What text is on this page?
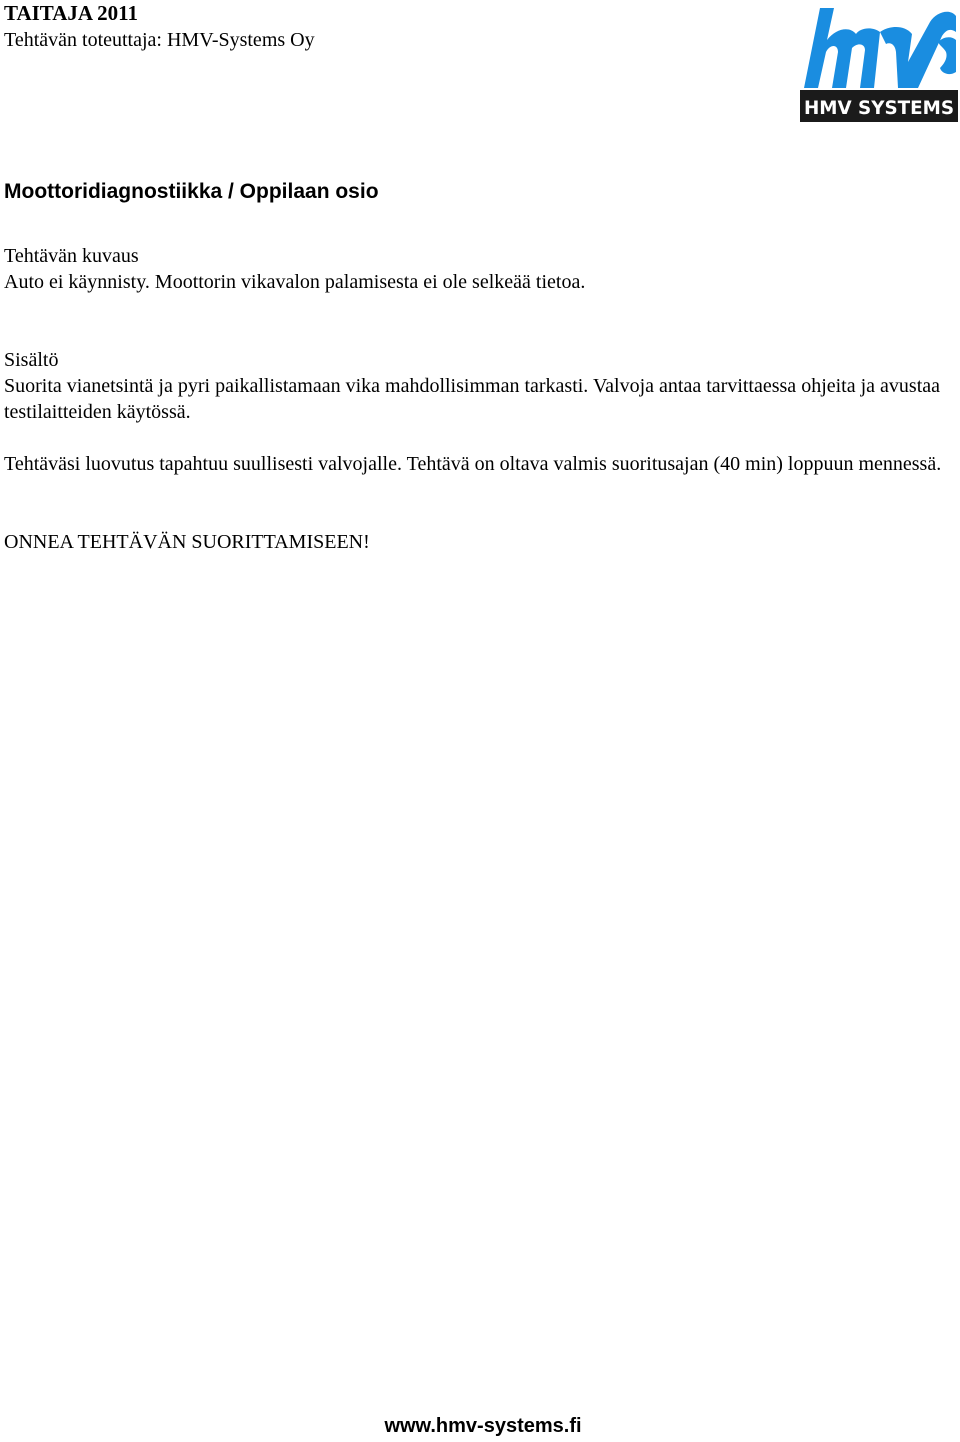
TAITAJA 2011
Tehtävän toteuttaja: HMV-Systems Oy
HMV SYSTEMS
Moottoridiagnostiikka / Oppilaan osio

Tehtävän kuvaus

Auto ei käynnisty. Moottorin vikavalon palamisesta ei ole selkeää tietoa.

Sisältö

Suorita vianetsintä ja pyri paikallistamaan vika mahdollisimman tarkasti. Valvoja antaa tarvittaessa ohjeita ja avustaa testilaitteiden käytössä.

Tehtäväsi luovutus tapahtuu suullisesti valvojalle. Tehtävä on oltava valmis suoritusajan (40 min) loppuun mennessä.

ONNEA TEHTÄVÄN SUORITTAMISEEN!

www.hmv-systems.fi
